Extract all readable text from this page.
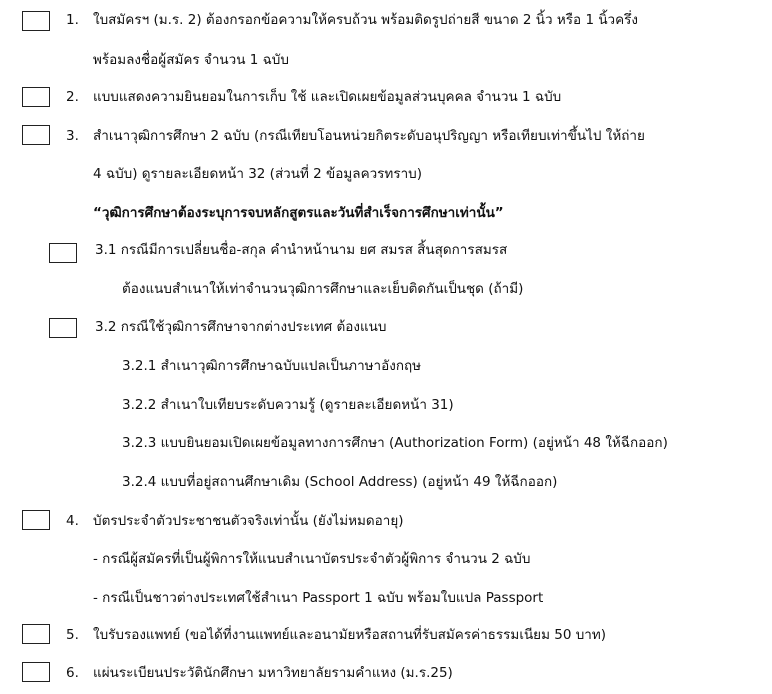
1. ใบสมัครฯ (ม.ร. 2) ต้องกรอกข้อความให้ครบถ้วน พร้อมติดรูปถ่ายสี ขนาด 2 นิ้ว หรือ 1 นิ้วครึ่ง
พร้อมลงชื่อผู้สมัคร จำนวน 1 ฉบับ
2. แบบแสดงความยินยอมในการเก็บ ใช้ และเปิดเผยข้อมูลส่วนบุคคล จำนวน 1 ฉบับ
3. สำเนาวุฒิการศึกษา 2 ฉบับ (กรณีเทียบโอนหน่วยกิตระดับอนุปริญญา หรือเทียบเท่าขึ้นไป ให้ถ่าย
4 ฉบับ) ดูรายละเอียดหน้า 32 (ส่วนที่ 2 ข้อมูลควรทราบ)
“วุฒิการศึกษาต้องระบุการจบหลักสูตรและวันที่สำเร็จการศึกษาเท่านั้น”
3.1 กรณีมีการเปลี่ยนชื่อ-สกุล คำนำหน้านาม ยศ สมรส สิ้นสุดการสมรส
ต้องแนบสำเนาให้เท่าจำนวนวุฒิการศึกษาและเย็บติดกันเป็นชุด (ถ้ามี)
3.2 กรณีใช้วุฒิการศึกษาจากต่างประเทศ ต้องแนบ
3.2.1 สำเนาวุฒิการศึกษาฉบับแปลเป็นภาษาอังกฤษ
3.2.2 สำเนาใบเทียบระดับความรู้ (ดูรายละเอียดหน้า 31)
3.2.3 แบบยินยอมเปิดเผยข้อมูลทางการศึกษา (Authorization Form) (อยู่หน้า 48 ให้ฉีกออก)
3.2.4 แบบที่อยู่สถานศึกษาเดิม (School Address) (อยู่หน้า 49 ให้ฉีกออก)
4. บัตรประจำตัวประชาชนตัวจริงเท่านั้น (ยังไม่หมดอายุ)
- กรณีผู้สมัครที่เป็นผู้พิการให้แนบสำเนาบัตรประจำตัวผู้พิการ จำนวน 2 ฉบับ
- กรณีเป็นชาวต่างประเทศใช้สำเนา Passport 1 ฉบับ พร้อมใบแปล Passport
5. ใบรับรองแพทย์ (ขอได้ที่งานแพทย์และอนามัยหรือสถานที่รับสมัครค่าธรรมเนียม 50 บาท)
6. แผ่นระเบียนประวัตินักศึกษา มหาวิทยาลัยรามคำแหง (ม.ร.25)
